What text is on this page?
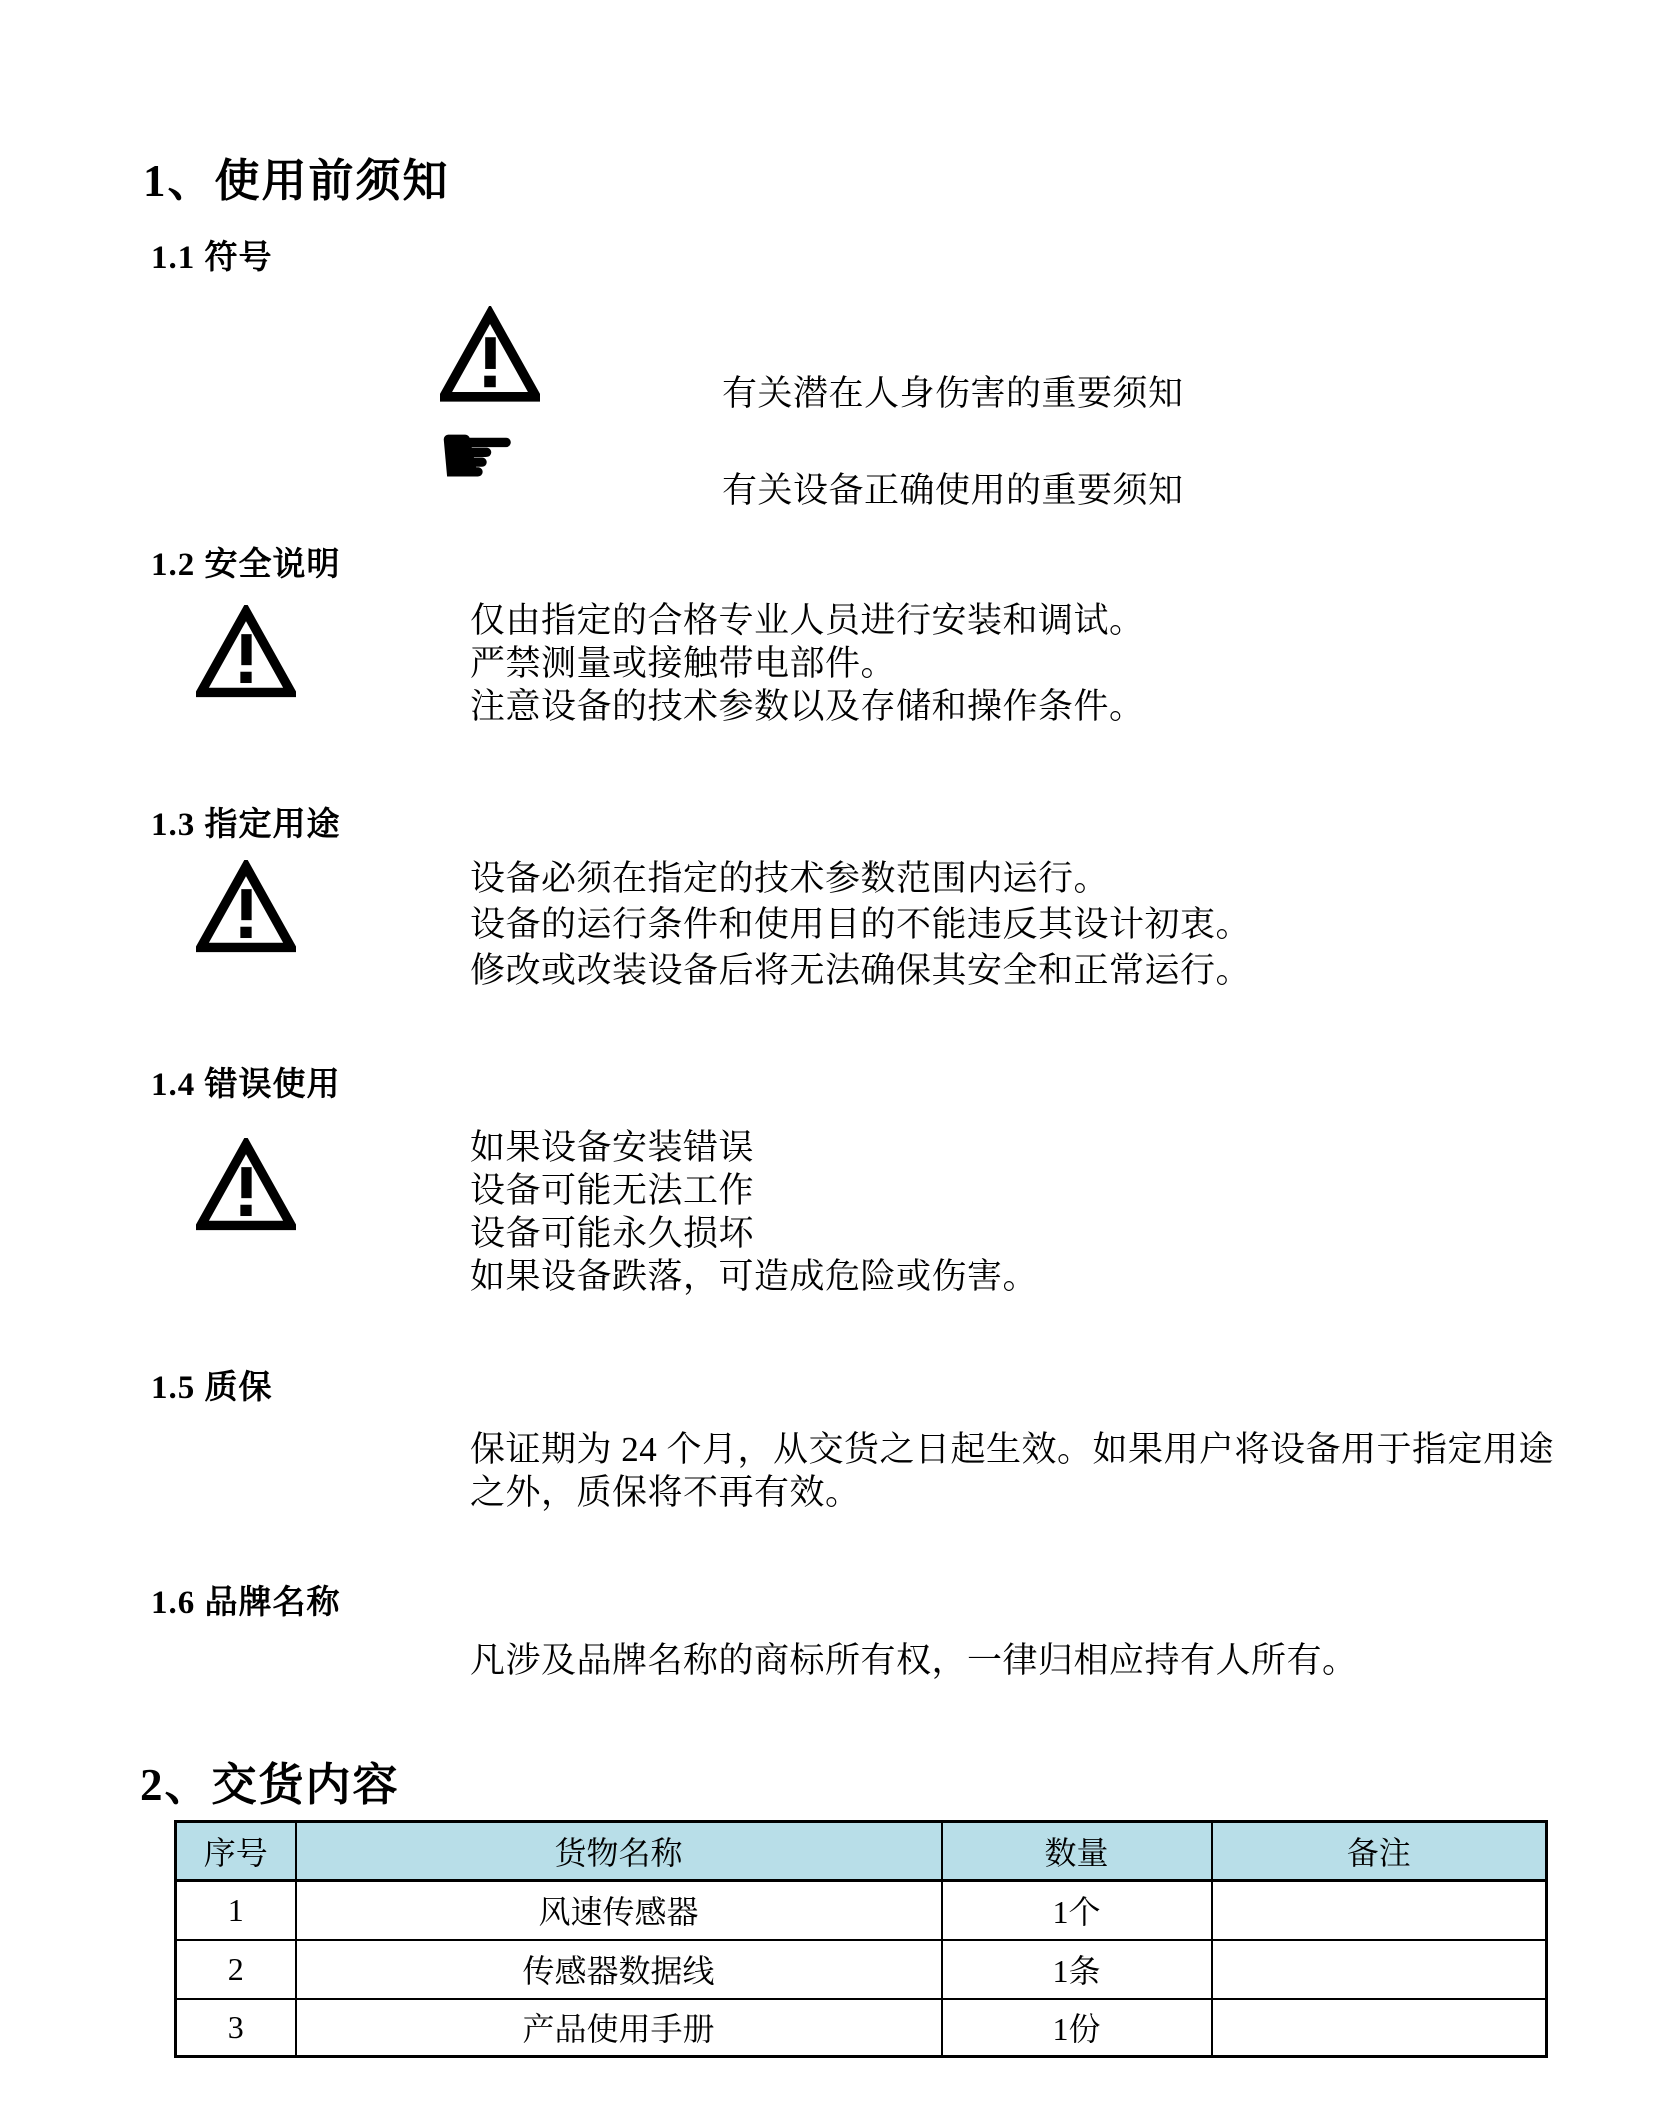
1、使用前须知
1.1 符号
有关潜在人身伤害的重要须知
☛	有关设备正确使用的重要须知
1.2 安全说明
仅由指定的合格专业人员进行安装和调试。
严禁测量或接触带电部件。
注意设备的技术参数以及存储和操作条件。
1.3 指定用途
设备必须在指定的技术参数范围内运行。
设备的运行条件和使用目的不能违反其设计初衷。
修改或改装设备后将无法确保其安全和正常运行。
1.4 错误使用
如果设备安装错误
设备可能无法工作
设备可能永久损坏
如果设备跌落，可造成危险或伤害。
1.5 质保
保证期为 24 个月，从交货之日起生效。如果用户将设备用于指定用途
之外，质保将不再有效。
1.6 品牌名称
凡涉及品牌名称的商标所有权，一律归相应持有人所有。
2、交货内容
序号	货物名称	数量	备注
1	风速传感器	1个	
2	传感器数据线	1条	
3	产品使用手册	1份	
